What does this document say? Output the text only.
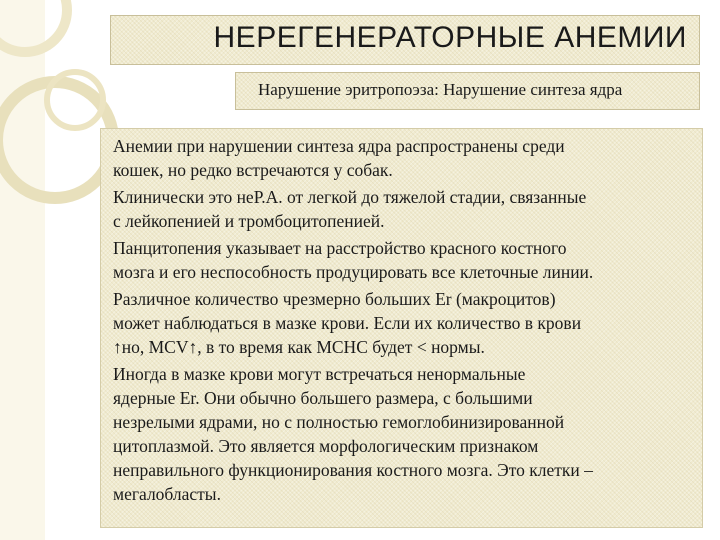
НЕРЕГЕНЕРАТОРНЫЕ АНЕМИИ
Нарушение эритропоэза: Нарушение синтеза ядра

Анемии при нарушении синтеза ядра распространены среди
кошек, но редко встречаются у собак.

Клинически это неР.А. от легкой до тяжелой стадии, связанные
с лейкопенией и тромбоцитопенией.

Панцитопения указывает на расстройство красного костного
мозга и его неспособность продуцировать все клеточные линии.

Различное количество чрезмерно больших Er (макроцитов)
может наблюдаться в мазке крови. Если их количество в крови
↑но, MCV↑, в то время как MCHC будет < нормы.

Иногда в мазке крови могут встречаться ненормальные
ядерные Er. Они обычно большего размера, с большими
незрелыми ядрами, но с полностью гемоглобинизированной
цитоплазмой. Это является морфологическим признаком
неправильного функционирования костного мозга. Это клетки –
мегалобласты.
